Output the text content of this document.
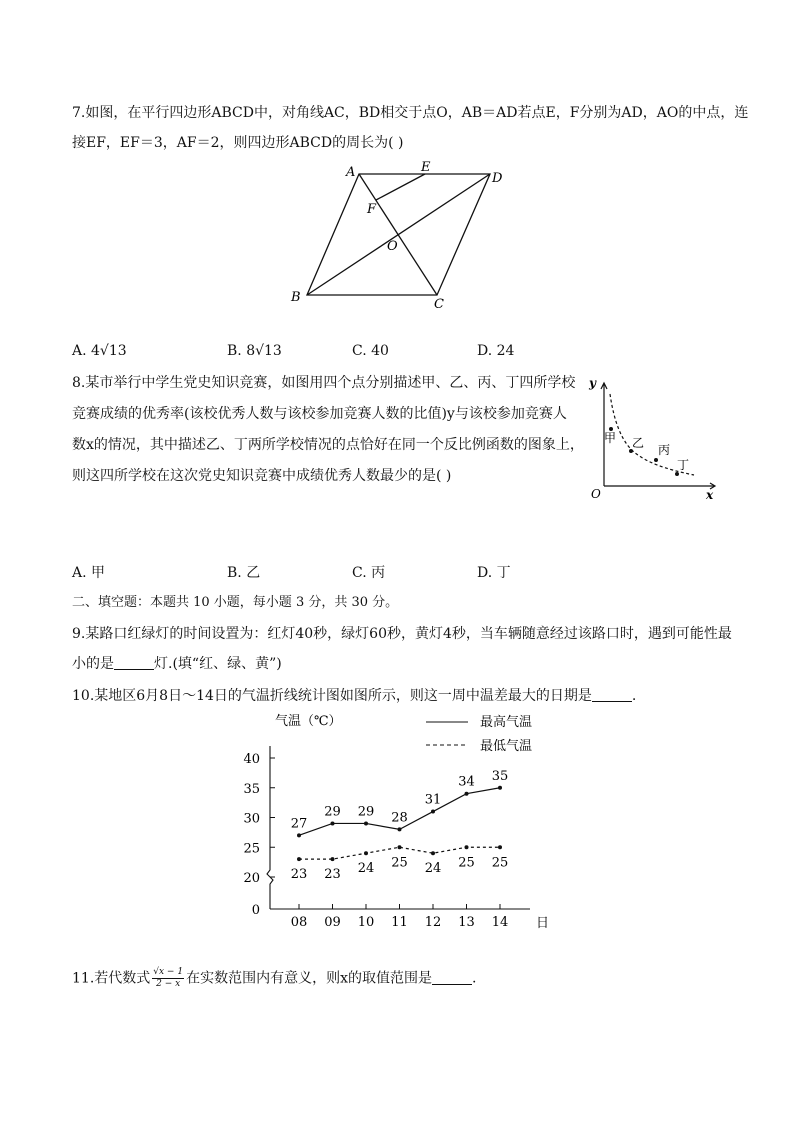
7.如图，在平行四边形ABCD中，对角线AC，BD相交于点O，AB＝AD若点E，F分别为AD，AO的中点，连
接EF，EF＝3，AF＝2，则四边形ABCD的周长为( )
A	E
D
F
O
B	C
A. 4√13	B. 8√13	C. 40	D. 24
8.某市举行中学生党史知识竞赛，如图用四个点分别描述甲、乙、丙、丁四所学校
竞赛成绩的优秀率(该校优秀人数与该校参加竞赛人数的比值)y与该校参加竞赛人
数x的情况，其中描述乙、丁两所学校情况的点恰好在同一个反比例函数的图象上，
则这四所学校在这次党史知识竞赛中成绩优秀人数最少的是( )
y
x
O
甲 乙 丙
丁
A. 甲	B. 乙	C. 丙	D. 丁
二、填空题：本题共 10 小题，每小题 3 分，共 30 分。
9.某路口红绿灯的时间设置为：红灯40秒，绿灯60秒，黄灯4秒，当车辆随意经过该路口时，遇到可能性最
小的是	灯.(填“红、绿、黄”)
10.某地区6月8日～14日的气温折线统计图如图所示，则这一周中温差最大的日期是	.
0
20
25
30
35
40
08 09 10 11 12 13 14 日
气温（℃）	最高气温
最低气温
27
29 29 28
31
34 35
23 23 24 25 24 25 25
11.若代数式 $\frac{√x - 1}{2 - x}$ 在实数范围内有意义，则x的取值范围是	.
